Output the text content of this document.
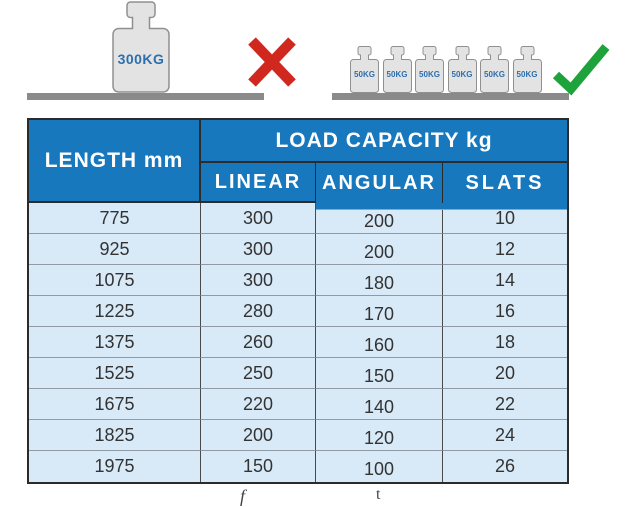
300KG
50KG	50KG	50KG	50KG	50KG	50KG
LENGTH mm
LOAD CAPACITY kg
LINEAR	ANGULAR	SLATS
775	300	200	10
925	300	200	12
1075	300	180	14
1225	280	170	16
1375	260	160	18
1525	250	150	20
1675	220	140	22
1825	200	120	24
1975	150	100	26
f	t
